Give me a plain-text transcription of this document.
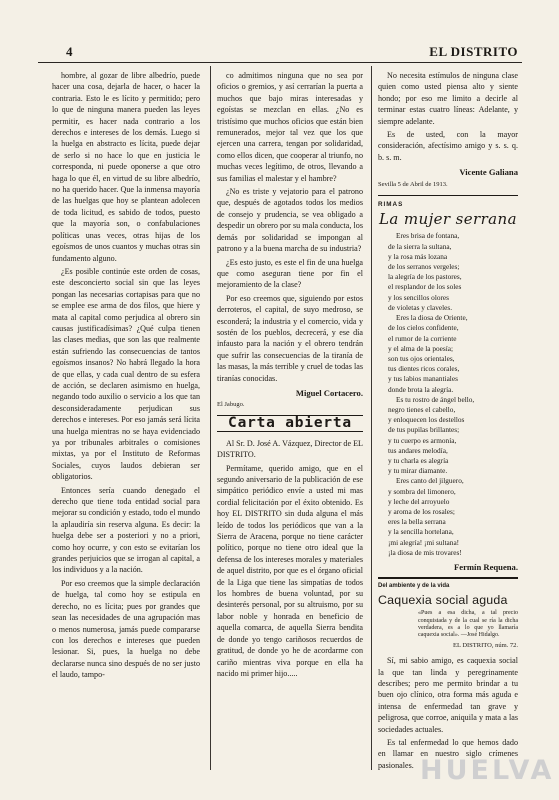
4	EL DISTRITO

hombre, al gozar de libre albedrío, puede hacer una cosa, dejarla de hacer, o hacer la contraria. Esto le es lícito y permitido; pero lo que de ninguna manera pueden las leyes permitir, es hacer nada contrario a los derechos e intereses de los demás. Luego si la huelga en abstracto es lícita, puede dejar de serlo si no hace lo que en justicia le corresponda, ni puede oponerse a que otro haga lo que él, en virtud de su libre albedrío, no ha querido hacer. Que la inmensa mayoría de las huelgas que hoy se plantean adolecen de toda licitud, es sabido de todos, puesto que la mayoría son, o confabulaciones políticas unas veces, otras hijas de los egoísmos de unos cuantos y muchas otras sin fundamento alguno.

¿Es posible continúe este orden de cosas, este desconcierto social sin que las leyes pongan las necesarias cortapisas para que no se emplee ese arma de dos filos, que hiere y mata al capital como perjudica al obrero sin causas justificadísimas? ¿Qué culpa tienen las clases medias, que son las que realmente están sufriendo las consecuencias de tantos egoísmos insanos? No habrá llegado la hora de que ellas, y cada cual dentro de su esfera de acción, se declaren asimismo en huelga, negando todo auxilio o servicio a los que tan desconsideradamente perjudican sus derechos e intereses. Por eso jamás será lícita una huelga mientras no se haya evidenciado ya por tribunales arbitrales o comisiones mixtas, ya por el Instituto de Reformas Sociales, cuyos laudos debieran ser obligatorios.

Entonces sería cuando denegado el derecho que tiene toda entidad social para mejorar su condición y estado, todo el mundo la aplaudiría sin reserva alguna. Es decir: la huelga debe ser a posteriori y no a priori, como hoy ocurre, y con esto se evitarían los grandes perjuicios que se irrogan al capital, a los individuos y a la nación.

Por eso creemos que la simple declaración de huelga, tal como hoy se estipula en derecho, no es lícita; pues por grandes que sean las necesidades de una agrupación mas o menos numerosa, jamás puede compararse con los derechos e intereses que pueden lesionar. Si, pues, la huelga no debe declararse nunca sino después de no ser justo el laudo, tampo-

co admitimos ninguna que no sea por oficios o gremios, y así cerrarían la puerta a muchos que bajo miras interesadas y egoístas se mezclan en ellas. ¿No es tristísimo que muchos oficios que están bien remunerados, mejor tal vez que los que ejercen una carrera, tengan por solidaridad, como ellos dicen, que cooperar al triunfo, no muchas veces legítimo, de otros, llevando a sus familias el malestar y el hambre?

¿No es triste y vejatorio para el patrono que, después de agotados todos los medios de consejo y prudencia, se vea obligado a despedir un obrero por su mala conducta, los demás por solidaridad se impongan al patrono y a la buena marcha de su industria?

¿Es esto justo, es este el fin de una huelga que como aseguran tiene por fin el mejoramiento de la clase?

Por eso creemos que, siguiendo por estos derroteros, el capital, de suyo medroso, se esconderá; la industria y el comercio, vida y sostén de los pueblos, decrecerá, y ese día infausto para la nación y el obrero tendrán que sufrir las consecuencias de la tiranía de las masas, la más terrible y cruel de todas las tiranías conocidas.

Miguel Cortacero.
El Jabugo.
Carta abierta

Al Sr. D. José A. Vázquez, Director de EL DISTRITO.

Permítame, querido amigo, que en el segundo aniversario de la publicación de ese simpático periódico envíe a usted mi mas cordial felicitación por el éxito obtenido. Es hoy EL DISTRITO sin duda alguna el más leído de todos los periódicos que van a la Sierra de Aracena, porque no tiene carácter político, porque no tiene otro ideal que la defensa de los intereses morales y materiales de aquel distrito, por que es el órgano oficial de la Liga que tiene las simpatías de todos los hombres de buena voluntad, por su desinterés personal, por su altruismo, por su labor noble y honrada en beneficio de aquella comarca, de aquella Sierra bendita de donde yo tengo cariñosos recuerdos de gratitud, de donde yo he de acordarme con cariño mientras viva porque en ella ha nacido mi primer hijo.....

No necesita estímulos de ninguna clase quien como usted piensa alto y siente hondo; por eso me limito a decirle al terminar estas cuatro líneas: Adelante, y siempre adelante.

Es de usted, con la mayor consideración, afectísimo amigo y s. s. q. b. s. m.

Vicente Galiana
Sevilla 5 de Abril de 1913.
RIMAS
La mujer serrana
Eres brisa de fontana,
de la sierra la sultana,
y la rosa más lozana
de los serranos vergeles;
la alegría de los pastores,
el resplandor de los soles
y los sencillos olores
de violetas y claveles.
Eres la diosa de Oriente,
de los cielos confidente,
el rumor de la corriente
y el alma de la poesía;
son tus ojos orientales,
tus dientes ricos corales,
y tus labios manantiales
donde brota la alegría.
Es tu rostro de ángel bello,
negro tienes el cabello,
y enloquecen los destellos
de tus pupilas brillantes;
y tu cuerpo es armonía,
tus andares melodía,
y tu charla es alegría
y tu mirar diamante.
Eres canto del jilguero,
y sombra del limonero,
y leche del arroyuelo
y aroma de los rosales;
eres la bella serrana
y la sencilla hortelana,
¡mi alegría! ¡mi sultana!
¡la diosa de mis trovares!
Fermín Requena.
Del ambiente y de la vida
Caquexia social aguda
«Pues a esa dicha, a tal precio conquistada y de la cual se ría la dicha verdadera, es a lo que yo llamaría caquexia social». —José Hidalgo.
EL DISTRITO, núm. 72.

Sí, mi sabio amigo, es caquexia social la que tan linda y peregrinamente describes; pero me permito brindar a tu buen ojo clínico, otra forma más aguda e intensa de enfermedad tan grave y peligrosa, que corroe, aniquila y mata a las sociedades actuales.

Es tal enfermedad lo que hemos dado en llamar en nuestro siglo crímenes pasionales. HUELVA
